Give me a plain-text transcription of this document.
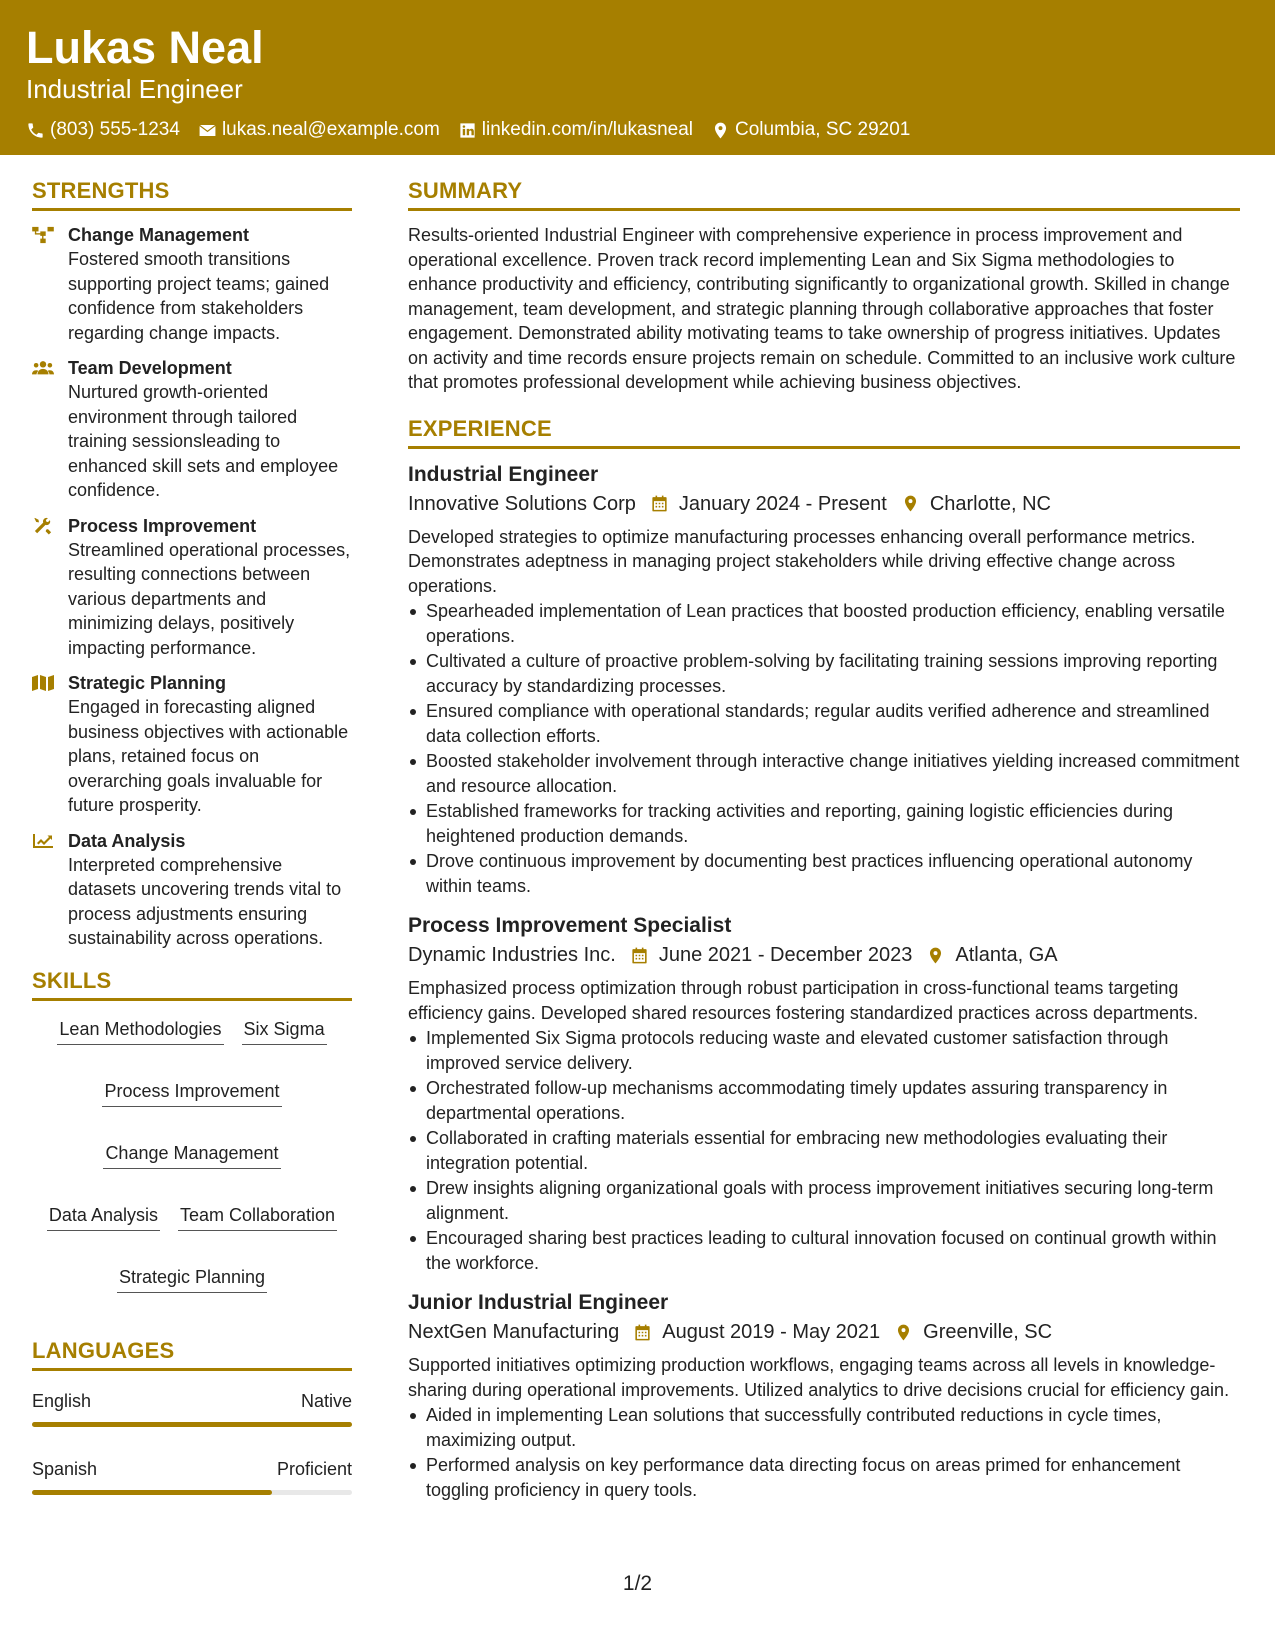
Lukas Neal
Industrial Engineer
(803) 555-1234 lukas.neal@example.com linkedin.com/in/lukasneal Columbia, SC 29201
STRENGTHS
Change Management
Fostered smooth transitions supporting project teams; gained confidence from stakeholders regarding change impacts.
Team Development
Nurtured growth-oriented environment through tailored training sessionsleading to enhanced skill sets and employee confidence.
Process Improvement
Streamlined operational processes, resulting connections between various departments and minimizing delays, positively impacting performance.
Strategic Planning
Engaged in forecasting aligned business objectives with actionable plans, retained focus on overarching goals invaluable for future prosperity.
Data Analysis
Interpreted comprehensive datasets uncovering trends vital to process adjustments ensuring sustainability across operations.
SKILLS
Lean Methodologies Six Sigma
Process Improvement
Change Management
Data Analysis Team Collaboration
Strategic Planning
LANGUAGES
English	Native
Spanish	Proficient
SUMMARY
Results-oriented Industrial Engineer with comprehensive experience in process improvement and operational excellence. Proven track record implementing Lean and Six Sigma methodologies to enhance productivity and efficiency, contributing significantly to organizational growth. Skilled in change management, team development, and strategic planning through collaborative approaches that foster engagement. Demonstrated ability motivating teams to take ownership of progress initiatives. Updates on activity and time records ensure projects remain on schedule. Committed to an inclusive work culture that promotes professional development while achieving business objectives.
EXPERIENCE
Industrial Engineer
Innovative Solutions Corp January 2024 - Present Charlotte, NC
Developed strategies to optimize manufacturing processes enhancing overall performance metrics. Demonstrates adeptness in managing project stakeholders while driving effective change across operations.
Spearheaded implementation of Lean practices that boosted production efficiency, enabling versatile operations.
Cultivated a culture of proactive problem-solving by facilitating training sessions improving reporting accuracy by standardizing processes.
Ensured compliance with operational standards; regular audits verified adherence and streamlined data collection efforts.
Boosted stakeholder involvement through interactive change initiatives yielding increased commitment and resource allocation.
Established frameworks for tracking activities and reporting, gaining logistic efficiencies during heightened production demands.
Drove continuous improvement by documenting best practices influencing operational autonomy within teams.
Process Improvement Specialist
Dynamic Industries Inc. June 2021 - December 2023 Atlanta, GA
Emphasized process optimization through robust participation in cross-functional teams targeting efficiency gains. Developed shared resources fostering standardized practices across departments.
Implemented Six Sigma protocols reducing waste and elevated customer satisfaction through improved service delivery.
Orchestrated follow-up mechanisms accommodating timely updates assuring transparency in departmental operations.
Collaborated in crafting materials essential for embracing new methodologies evaluating their integration potential.
Drew insights aligning organizational goals with process improvement initiatives securing long-term alignment.
Encouraged sharing best practices leading to cultural innovation focused on continual growth within the workforce.
Junior Industrial Engineer
NextGen Manufacturing August 2019 - May 2021 Greenville, SC
Supported initiatives optimizing production workflows, engaging teams across all levels in knowledge-sharing during operational improvements. Utilized analytics to drive decisions crucial for efficiency gain.
Aided in implementing Lean solutions that successfully contributed reductions in cycle times, maximizing output.
Performed analysis on key performance data directing focus on areas primed for enhancement toggling proficiency in query tools.
1/2
